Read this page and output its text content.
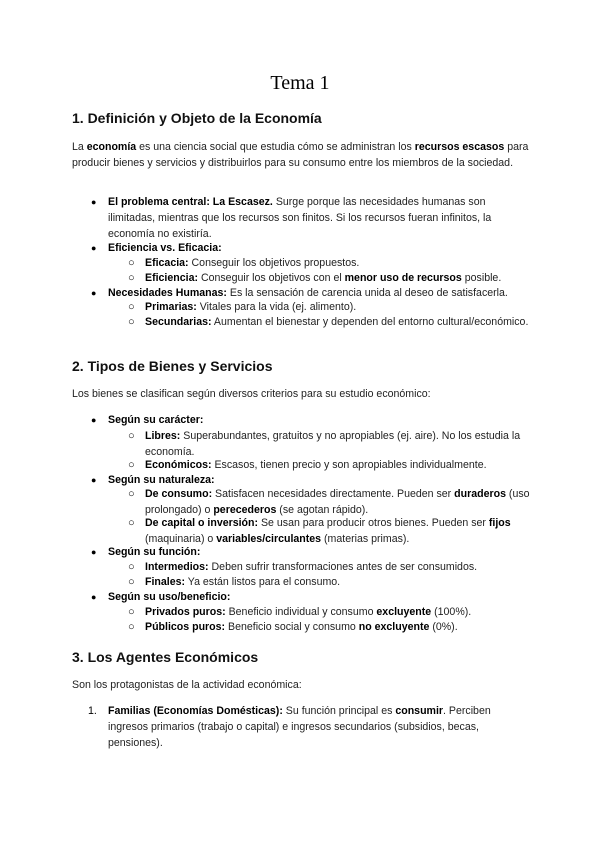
Tema 1
1. Definición y Objeto de la Economía

La economía es una ciencia social que estudia cómo se administran los recursos escasos para producir bienes y servicios y distribuirlos para su consumo entre los miembros de la sociedad.

● El problema central: La Escasez. Surge porque las necesidades humanas son ilimitadas, mientras que los recursos son finitos. Si los recursos fueran infinitos, la economía no existiría.

● Eficiencia vs. Eficacia:

○ Eficacia: Conseguir los objetivos propuestos.

○ Eficiencia: Conseguir los objetivos con el menor uso de recursos posible.

● Necesidades Humanas: Es la sensación de carencia unida al deseo de satisfacerla.

○ Primarias: Vitales para la vida (ej. alimento).

○ Secundarias: Aumentan el bienestar y dependen del entorno cultural/económico.

2. Tipos de Bienes y Servicios

Los bienes se clasifican según diversos criterios para su estudio económico:

● Según su carácter:

○ Libres: Superabundantes, gratuitos y no apropiables (ej. aire). No los estudia la economía.

○ Económicos: Escasos, tienen precio y son apropiables individualmente.

● Según su naturaleza:

○ De consumo: Satisfacen necesidades directamente. Pueden ser duraderos (uso prolongado) o perecederos (se agotan rápido).

○ De capital o inversión: Se usan para producir otros bienes. Pueden ser fijos (maquinaria) o variables/circulantes (materias primas).

● Según su función:

○ Intermedios: Deben sufrir transformaciones antes de ser consumidos.

○ Finales: Ya están listos para el consumo.

● Según su uso/beneficio:

○ Privados puros: Beneficio individual y consumo excluyente (100%).

○ Públicos puros: Beneficio social y consumo no excluyente (0%).

3. Los Agentes Económicos

Son los protagonistas de la actividad económica:

1. Familias (Economías Domésticas): Su función principal es consumir. Perciben ingresos primarios (trabajo o capital) e ingresos secundarios (subsidios, becas, pensiones).
